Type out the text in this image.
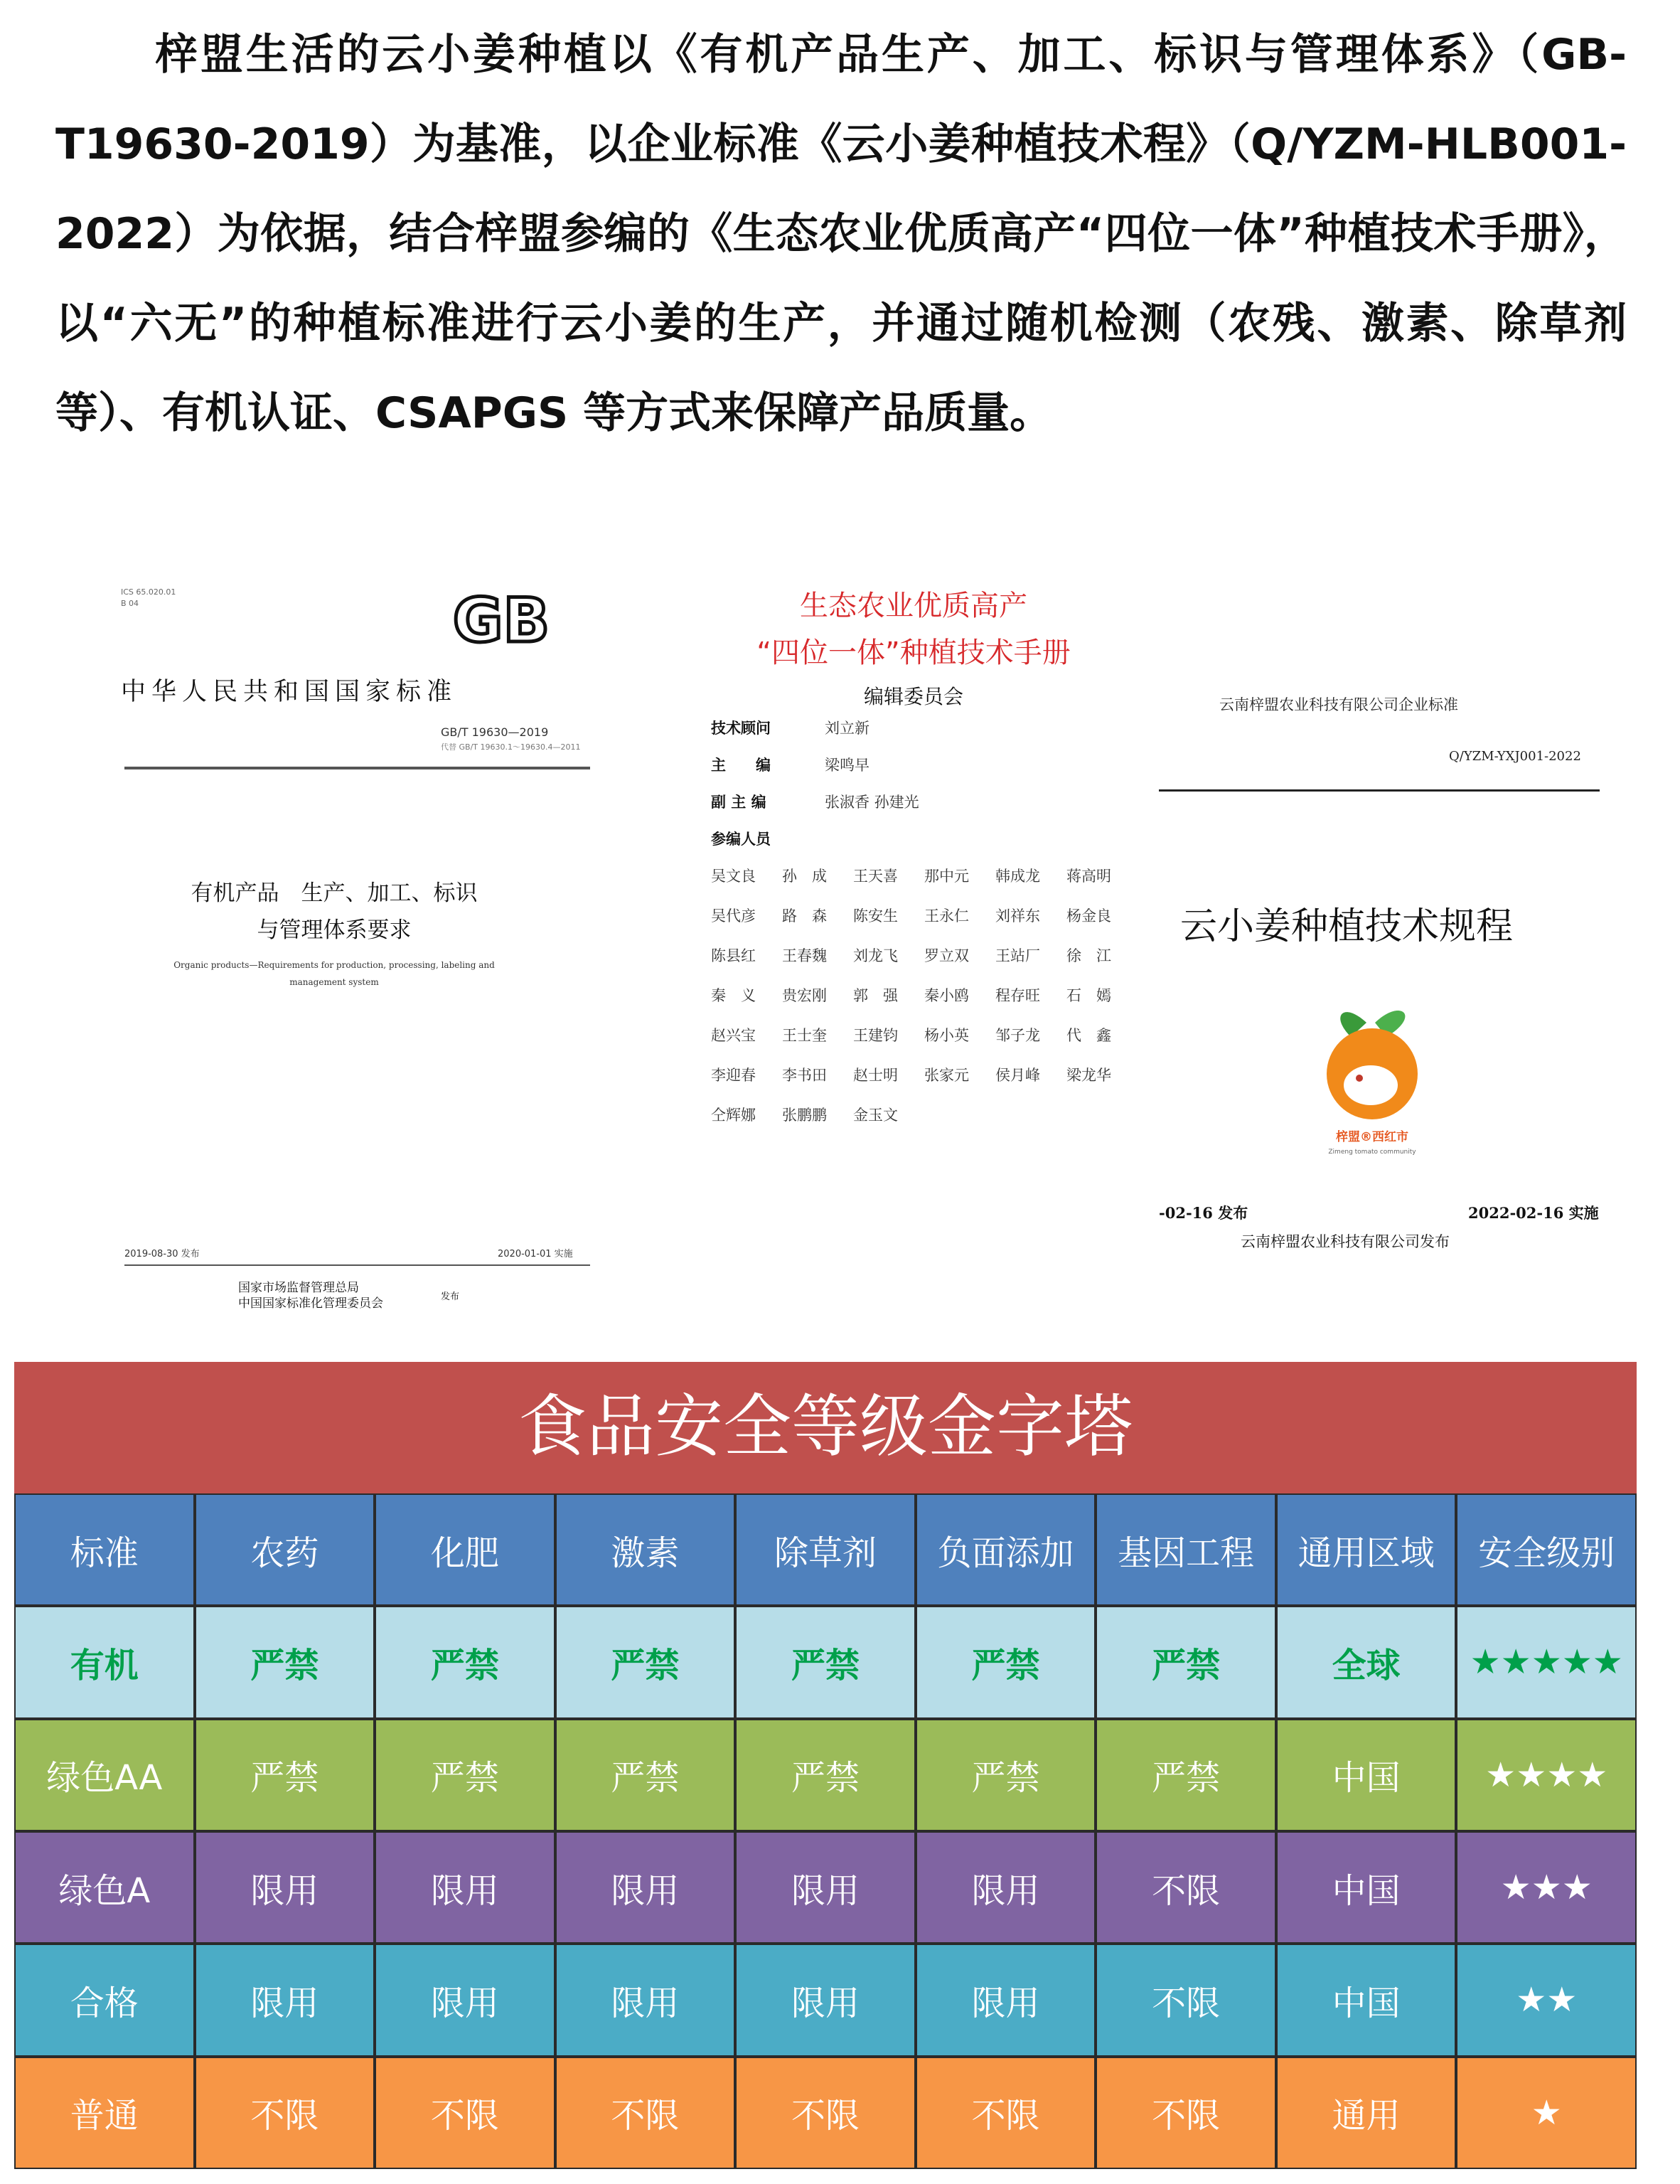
梓盟生活的云小姜种植以《有机产品生产、加工、标识与管理体系》（GB-T19630-2019）为基准，以企业标准《云小姜种植技术程》（Q/YZM-HLB001-2022）为依据，结合梓盟参编的《生态农业优质高产“四位一体”种植技术手册》，以“六无”的种植标准进行云小姜的生产，并通过随机检测（农残、激素、除草剂等）、有机认证、CSAPGS 等方式来保障产品质量。
ICS 65.020.01
B 04	GB
中华人民共和国国家标准
GB/T 19630—2019
代替 GB/T 19630.1～19630.4—2011
有机产品　生产、加工、标识
与管理体系要求
Organic products—Requirements for production, processing, labeling and management system
2019-08-30 发布	2020-01-01 实施
国家市场监督管理总局
中国国家标准化管理委员会	发布
生态农业优质高产
“四位一体”种植技术手册
编辑委员会
技术顾问	刘立新
主　　编	梁鸣早
副 主 编	张淑香 孙建光
参编人员
吴文良	孙　成	王天喜	那中元	韩成龙	蒋高明
吴代彦	路　森	陈安生	王永仁	刘祥东	杨金良
陈县红	王春魏	刘龙飞	罗立双	王站厂	徐　江
秦　义	贵宏刚	郭　强	秦小鸥	程存旺	石　嫣
赵兴宝	王士奎	王建钧	杨小英	邹子龙	代　鑫
李迎春	李书田	赵士明	张家元	侯月峰	梁龙华
仝辉娜	张鹏鹏	金玉文
云南梓盟农业科技有限公司企业标准
Q/YZM-YXJ001-2022
云小姜种植技术规程
梓盟®西红市
Zimeng tomato community
-02-16 发布	2022-02-16 实施
云南梓盟农业科技有限公司发布
食品安全等级金字塔
标准	农药	化肥	激素	除草剂	负面添加	基因工程	通用区域	安全级别
有机	严禁	严禁	严禁	严禁	严禁	严禁	全球	★★★★★
绿色AA	严禁	严禁	严禁	严禁	严禁	严禁	中国	★★★★
绿色A	限用	限用	限用	限用	限用	不限	中国	★★★
合格	限用	限用	限用	限用	限用	不限	中国	★★
普通	不限	不限	不限	不限	不限	不限	通用	★
